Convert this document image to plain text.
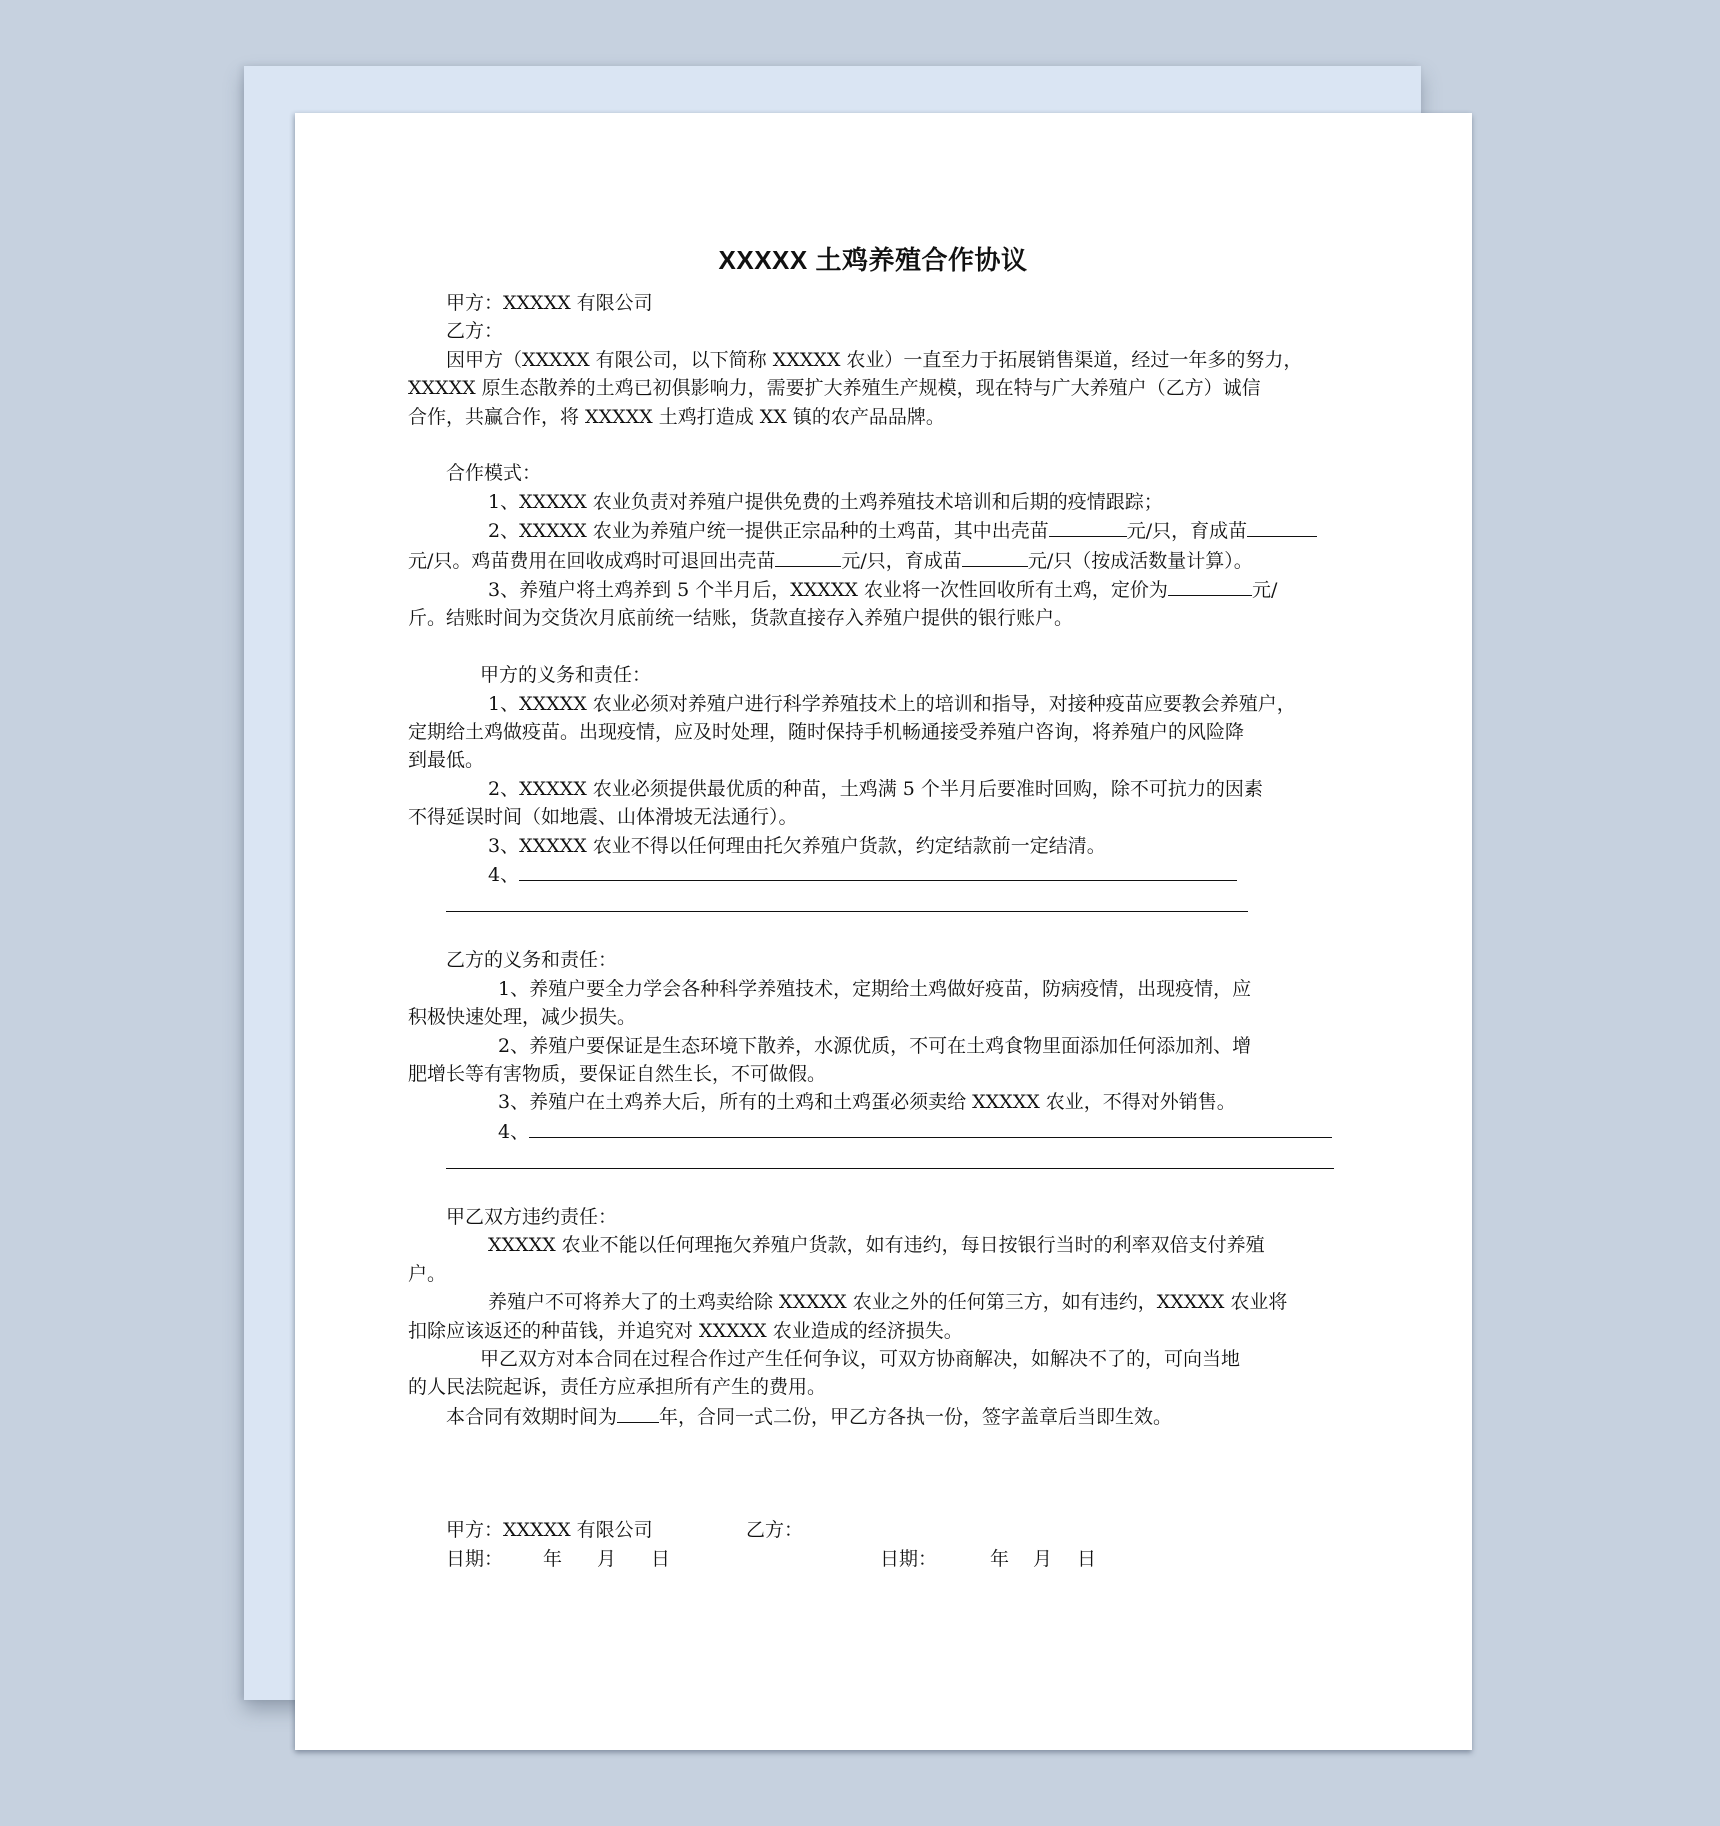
XXXXX 土鸡养殖合作协议

甲方：XXXXX 有限公司

乙方：

因甲方（XXXXX 有限公司，以下简称 XXXXX 农业）一直至力于拓展销售渠道，经过一年多的努力，

XXXXX 原生态散养的土鸡已初俱影响力，需要扩大养殖生产规模，现在特与广大养殖户（乙方）诚信

合作，共赢合作，将 XXXXX 土鸡打造成 XX 镇的农产品品牌。

合作模式：

1、XXXXX 农业负责对养殖户提供免费的土鸡养殖技术培训和后期的疫情跟踪；

2、XXXXX 农业为养殖户统一提供正宗品种的土鸡苗，其中出壳苗	元/只，育成苗

元/只。鸡苗费用在回收成鸡时可退回出壳苗	元/只，育成苗	元/只（按成活数量计算）。

3、养殖户将土鸡养到 5 个半月后，XXXXX 农业将一次性回收所有土鸡，定价为	元/

斤。结账时间为交货次月底前统一结账，货款直接存入养殖户提供的银行账户。

甲方的义务和责任：

1、XXXXX 农业必须对养殖户进行科学养殖技术上的培训和指导，对接种疫苗应要教会养殖户，

定期给土鸡做疫苗。出现疫情，应及时处理，随时保持手机畅通接受养殖户咨询，将养殖户的风险降

到最低。

2、XXXXX 农业必须提供最优质的种苗，土鸡满 5 个半月后要准时回购，除不可抗力的因素

不得延误时间（如地震、山体滑坡无法通行）。

3、XXXXX 农业不得以任何理由托欠养殖户货款，约定结款前一定结清。

4、

乙方的义务和责任：

1、养殖户要全力学会各种科学养殖技术，定期给土鸡做好疫苗，防病疫情，出现疫情，应

积极快速处理，减少损失。

2、养殖户要保证是生态环境下散养，水源优质，不可在土鸡食物里面添加任何添加剂、增

肥增长等有害物质，要保证自然生长，不可做假。

3、养殖户在土鸡养大后，所有的土鸡和土鸡蛋必须卖给 XXXXX 农业，不得对外销售。

4、

甲乙双方违约责任：

XXXXX 农业不能以任何理拖欠养殖户货款，如有违约，每日按银行当时的利率双倍支付养殖

户。

养殖户不可将养大了的土鸡卖给除 XXXXX 农业之外的任何第三方，如有违约，XXXXX 农业将

扣除应该返还的种苗钱，并追究对 XXXXX 农业造成的经济损失。

甲乙双方对本合同在过程合作过产生任何争议，可双方协商解决，如解决不了的，可向当地

的人民法院起诉，责任方应承担所有产生的费用。

本合同有效期时间为 年，合同一式二份，甲乙方各执一份，签字盖章后当即生效。

甲方：XXXXX 有限公司	乙方：
日期： 年 月 日	日期：	年 月 日
